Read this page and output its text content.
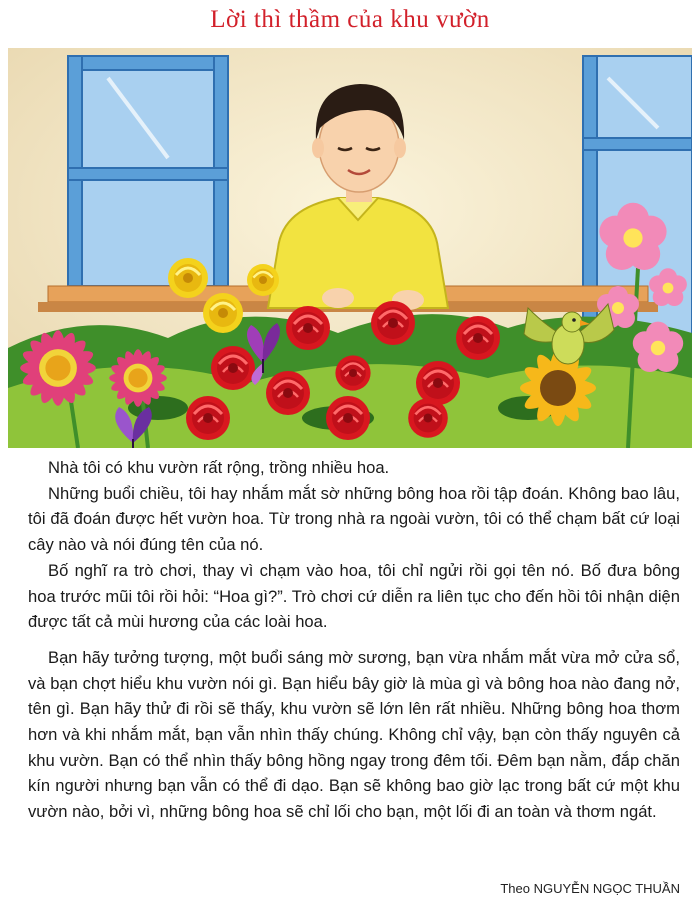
Lời thì thầm của khu vườn

Nhà tôi có khu vườn rất rộng, trồng nhiều hoa.

Những buổi chiều, tôi hay nhắm mắt sờ những bông hoa rồi tập đoán. Không bao lâu, tôi đã đoán được hết vườn hoa. Từ trong nhà ra ngoài vườn, tôi có thể chạm bất cứ loại cây nào và nói đúng tên của nó.

Bố nghĩ ra trò chơi, thay vì chạm vào hoa, tôi chỉ ngửi rồi gọi tên nó. Bố đưa bông hoa trước mũi tôi rồi hỏi: “Hoa gì?”. Trò chơi cứ diễn ra liên tục cho đến hồi tôi nhận diện được tất cả mùi hương của các loài hoa.

Bạn hãy tưởng tượng, một buổi sáng mờ sương, bạn vừa nhắm mắt vừa mở cửa sổ, và bạn chợt hiểu khu vườn nói gì. Bạn hiểu bây giờ là mùa gì và bông hoa nào đang nở, tên gì. Bạn hãy thử đi rồi sẽ thấy, khu vườn sẽ lớn lên rất nhiều. Những bông hoa thơm hơn và khi nhắm mắt, bạn vẫn nhìn thấy chúng. Không chỉ vậy, bạn còn thấy nguyên cả khu vườn. Bạn có thể nhìn thấy bông hồng ngay trong đêm tối. Đêm bạn nằm, đắp chăn kín người nhưng bạn vẫn có thể đi dạo. Bạn sẽ không bao giờ lạc trong bất cứ một khu vườn nào, bởi vì, những bông hoa sẽ chỉ lối cho bạn, một lối đi an toàn và thơm ngát.

Theo NGUYỄN NGỌC THUẦN
